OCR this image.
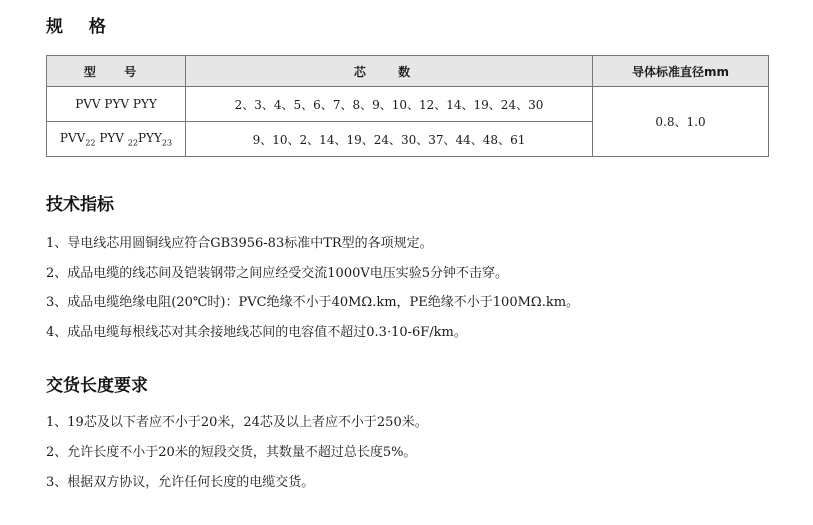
规 格
型 号	芯 数	导体标准直径mm
PVV PYV PYY	2、3、4、5、6、7、8、9、10、12、14、19、24、30	0.8、1.0
$PVV_{22}$ PYV $_{22}PYY_{23}$	9、10、2、14、19、24、30、37、44、48、61	
技术指标

1、导电线芯用圆铜线应符合GB3956-83标准中TR型的各项规定。

2、成品电缆的线芯间及铠装钢带之间应经受交流1000V电压实验5分钟不击穿。

3、成品电缆绝缘电阻(20℃时)：PVC绝缘不小于40MΩ.km，PE绝缘不小于100MΩ.km。

4、成品电缆每根线芯对其余接地线芯间的电容值不超过0.3·10-6F/km。

交货长度要求

1、19芯及以下者应不小于20米，24芯及以上者应不小于250米。

2、允许长度不小于20米的短段交货，其数量不超过总长度5%。

3、根据双方协议，允许任何长度的电缆交货。
